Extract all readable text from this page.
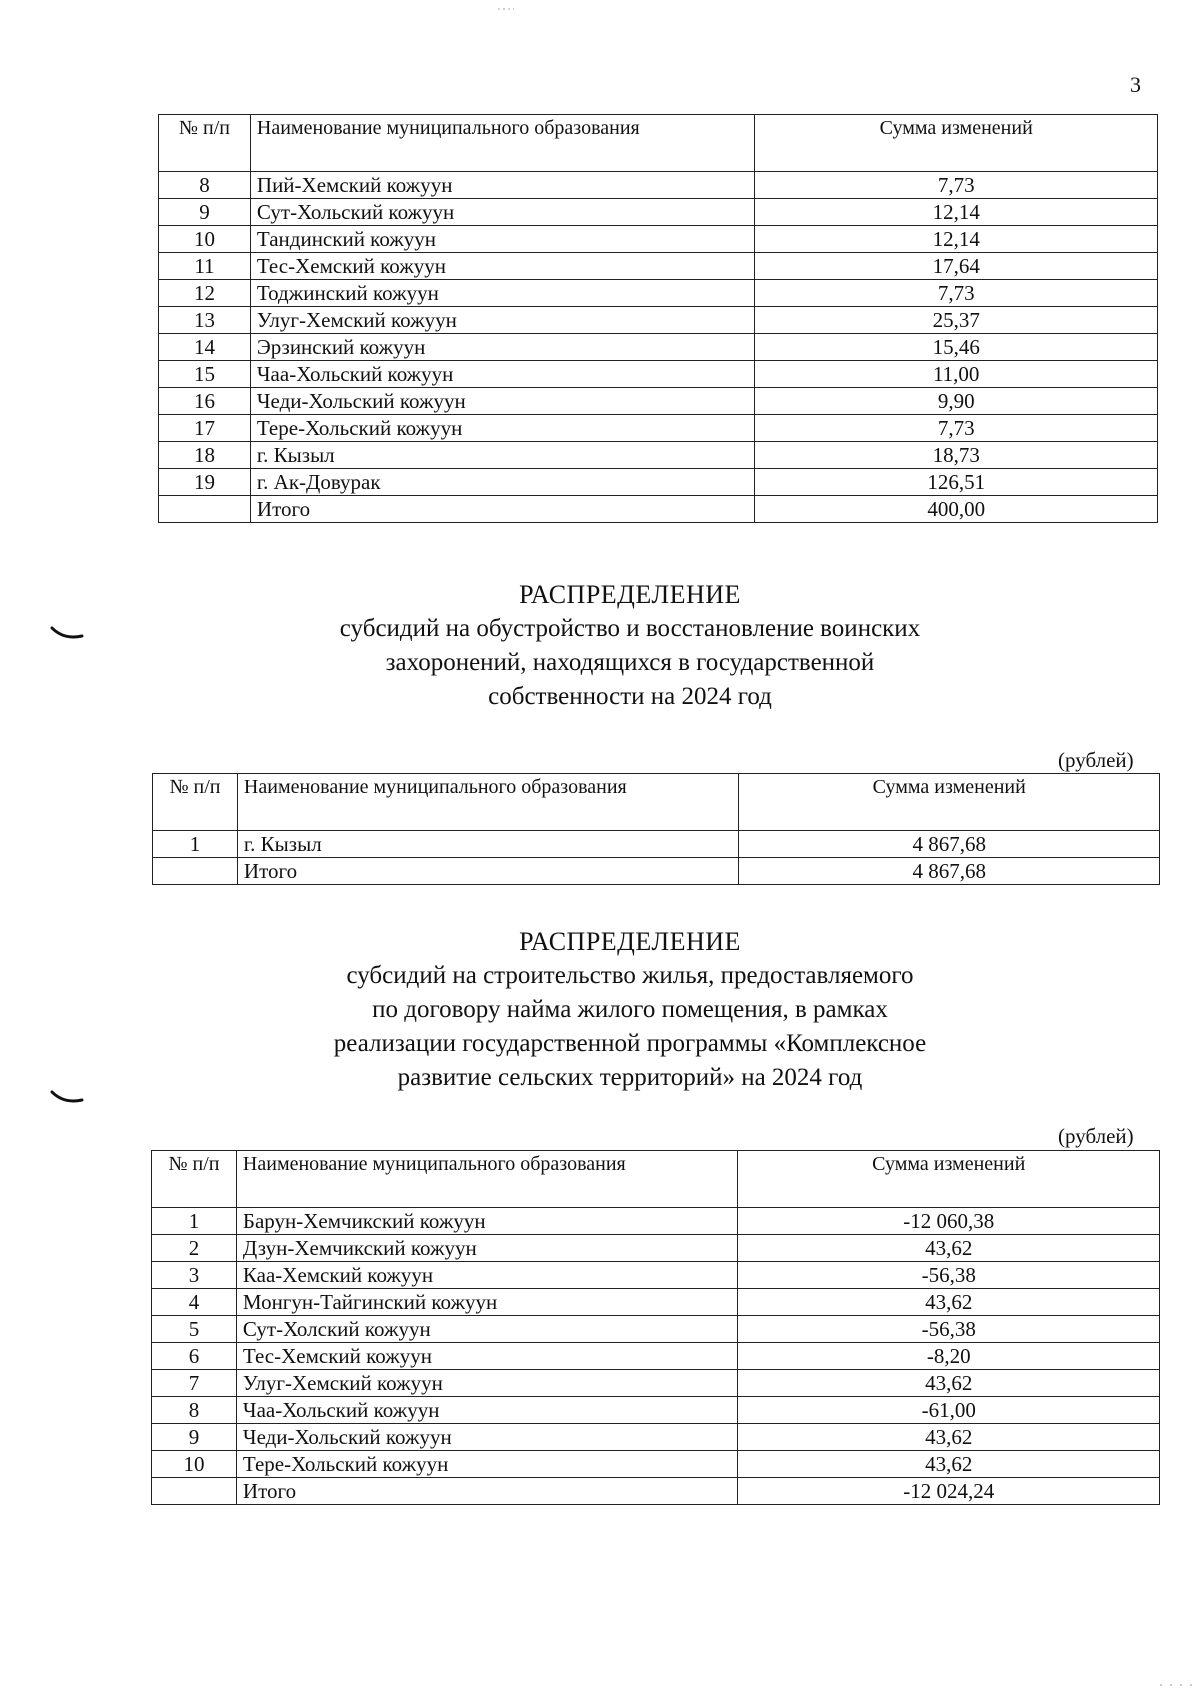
3
№ п/п	Наименование муниципального образования	Сумма изменений
8	Пий-Хемский кожуун	7,73
9	Сут-Хольский кожуун	12,14
10	Тандинский кожуун	12,14
11	Тес-Хемский кожуун	17,64
12	Тоджинский кожуун	7,73
13	Улуг-Хемский кожуун	25,37
14	Эрзинский кожуун	15,46
15	Чаа-Хольский кожуун	11,00
16	Чеди-Хольский кожуун	9,90
17	Тере-Хольский кожуун	7,73
18	г. Кызыл	18,73
19	г. Ак-Довурак	126,51
	Итого	400,00
РАСПРЕДЕЛЕНИЕ
субсидий на обустройство и восстановление воинских
захоронений, находящихся в государственной
собственности на 2024 год
(рублей)
№ п/п	Наименование муниципального образования	Сумма изменений
1	г. Кызыл	4 867,68
	Итого	4 867,68
РАСПРЕДЕЛЕНИЕ
субсидий на строительство жилья, предоставляемого
по договору найма жилого помещения, в рамках
реализации государственной программы «Комплексное
развитие сельских территорий» на 2024 год
(рублей)
№ п/п	Наименование муниципального образования	Сумма изменений
1	Барун-Хемчикский кожуун	-12 060,38
2	Дзун-Хемчикский кожуун	43,62
3	Каа-Хемский кожуун	-56,38
4	Монгун-Тайгинский кожуун	43,62
5	Сут-Холский кожуун	-56,38
6	Тес-Хемский кожуун	-8,20
7	Улуг-Хемский кожуун	43,62
8	Чаа-Хольский кожуун	-61,00
9	Чеди-Хольский кожуун	43,62
10	Тере-Хольский кожуун	43,62
	Итого	-12 024,24
